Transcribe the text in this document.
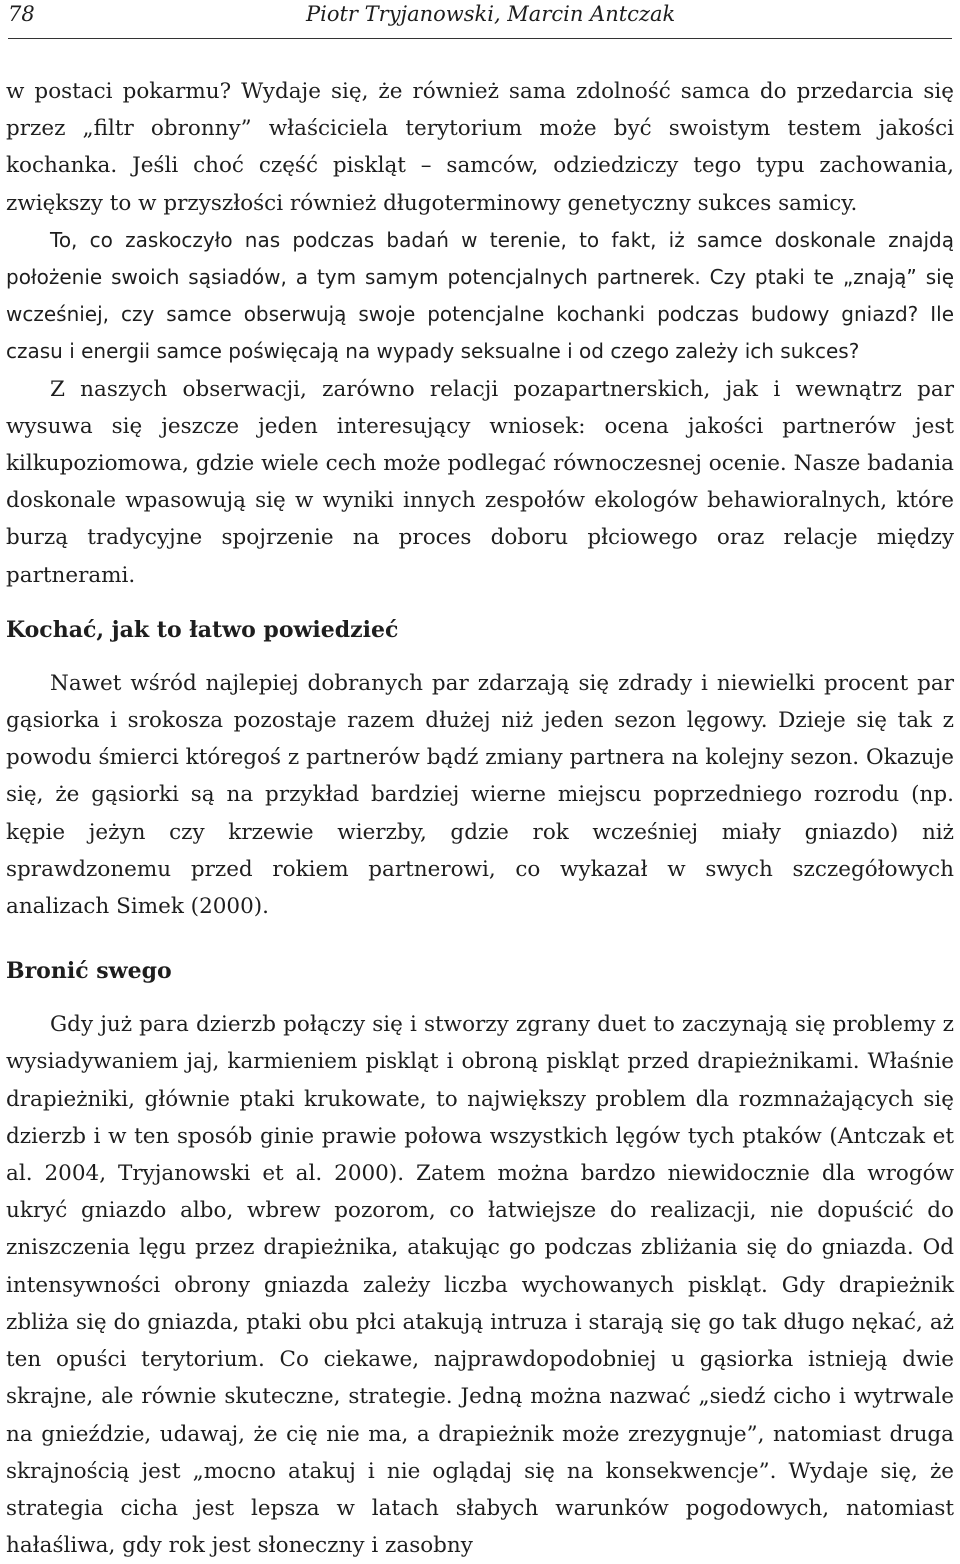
78	Piotr Tryjanowski, Marcin Antczak

w postaci pokarmu? Wydaje się, że również sama zdolność samca do przedarcia się przez „filtr obronny” właściciela terytorium może być swoistym testem jakości kochanka. Jeśli choć część piskląt – samców, odziedziczy tego typu zachowania, zwiększy to w przyszłości również długoterminowy genetyczny sukces samicy.

To, co zaskoczyło nas podczas badań w terenie, to fakt, iż samce doskonale znajdą położenie swoich sąsiadów, a tym samym potencjalnych partnerek. Czy ptaki te „znają” się wcześniej, czy samce obserwują swoje potencjalne kochanki podczas budowy gniazd? Ile czasu i energii samce poświęcają na wypady seksualne i od czego zależy ich sukces?

Z naszych obserwacji, zarówno relacji pozapartnerskich, jak i wewnątrz par wysuwa się jeszcze jeden interesujący wniosek: ocena jakości partnerów jest kilkupoziomowa, gdzie wiele cech może podlegać równoczesnej ocenie. Nasze badania doskonale wpasowują się w wyniki innych zespołów ekologów behawioralnych, które burzą tradycyjne spojrzenie na proces doboru płciowego oraz relacje między partnerami.

Kochać, jak to łatwo powiedzieć

Nawet wśród najlepiej dobranych par zdarzają się zdrady i niewielki procent par gąsiorka i srokosza pozostaje razem dłużej niż jeden sezon lęgowy. Dzieje się tak z powodu śmierci któregoś z partnerów bądź zmiany partnera na kolejny sezon. Okazuje się, że gąsiorki są na przykład bardziej wierne miejscu poprzedniego rozrodu (np. kępie jeżyn czy krzewie wierzby, gdzie rok wcześniej miały gniazdo) niż sprawdzonemu przed rokiem partnerowi, co wykazał w swych szczegółowych analizach Simek (2000).

Bronić swego

Gdy już para dzierzb połączy się i stworzy zgrany duet to zaczynają się problemy z wysiadywaniem jaj, karmieniem piskląt i obroną piskląt przed drapieżnikami. Właśnie drapieżniki, głównie ptaki krukowate, to największy problem dla rozmnażających się dzierzb i w ten sposób ginie prawie połowa wszystkich lęgów tych ptaków (Antczak et al. 2004, Tryjanowski et al. 2000). Zatem można bardzo niewidocznie dla wrogów ukryć gniazdo albo, wbrew pozorom, co łatwiejsze do realizacji, nie dopuścić do zniszczenia lęgu przez drapieżnika, atakując go podczas zbliżania się do gniazda. Od intensywności obrony gniazda zależy liczba wychowanych piskląt. Gdy drapieżnik zbliża się do gniazda, ptaki obu płci atakują intruza i starają się go tak długo nękać, aż ten opuści terytorium. Co ciekawe, najprawdopodobniej u gąsiorka istnieją dwie skrajne, ale równie skuteczne, strategie. Jedną można nazwać „siedź cicho i wytrwale na gnieździe, udawaj, że cię nie ma, a drapieżnik może zrezygnuje”, natomiast druga skrajnością jest „mocno atakuj i nie oglądaj się na konsekwencje”. Wydaje się, że strategia cicha jest lepsza w latach słabych warunków pogodowych, natomiast hałaśliwa, gdy rok jest słoneczny i zasobny
